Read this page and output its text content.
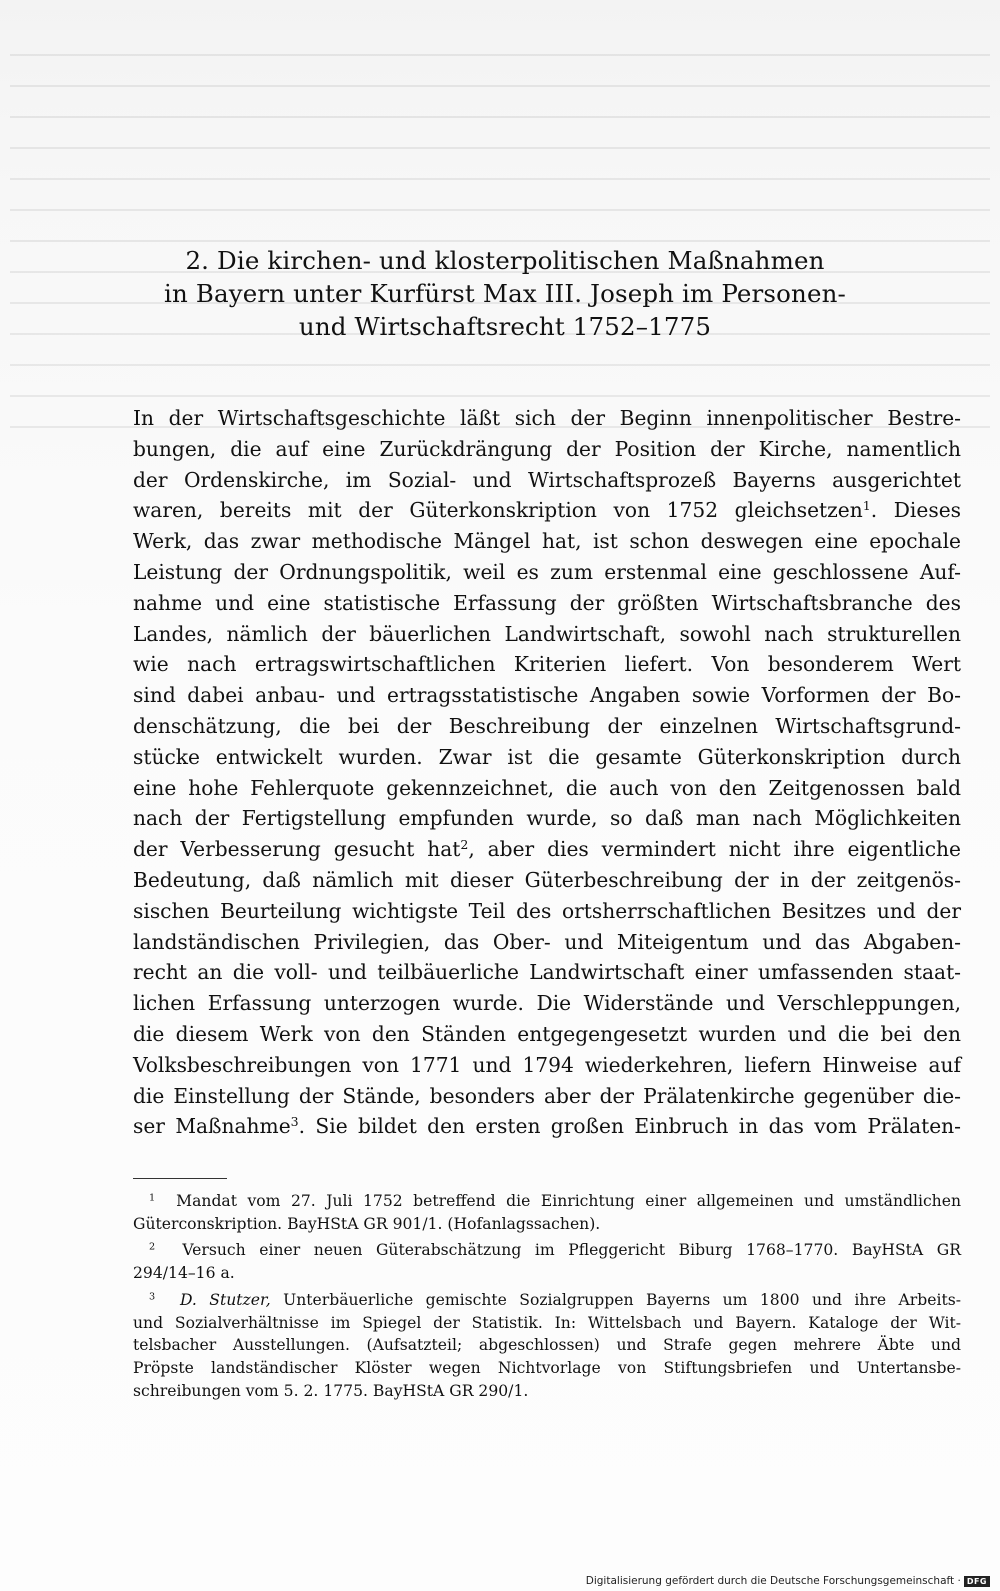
2. Die kirchen- und klosterpolitischen Maßnahmen
in Bayern unter Kurfürst Max III. Joseph im Personen-
und Wirtschaftsrecht 1752–1775
In der Wirtschaftsgeschichte läßt sich der Beginn innenpolitischer Bestre-
bungen, die auf eine Zurückdrängung der Position der Kirche, namentlich
der Ordenskirche, im Sozial- und Wirtschaftsprozeß Bayerns ausgerichtet
waren, bereits mit der Güterkonskription von 1752 gleichsetzen$^1$. Dieses
Werk, das zwar methodische Mängel hat, ist schon deswegen eine epochale
Leistung der Ordnungspolitik, weil es zum erstenmal eine geschlossene Auf-
nahme und eine statistische Erfassung der größten Wirtschaftsbranche des
Landes, nämlich der bäuerlichen Landwirtschaft, sowohl nach strukturellen
wie nach ertragswirtschaftlichen Kriterien liefert. Von besonderem Wert
sind dabei anbau- und ertragsstatistische Angaben sowie Vorformen der Bo-
denschätzung, die bei der Beschreibung der einzelnen Wirtschaftsgrund-
stücke entwickelt wurden. Zwar ist die gesamte Güterkonskription durch
eine hohe Fehlerquote gekennzeichnet, die auch von den Zeitgenossen bald
nach der Fertigstellung empfunden wurde, so daß man nach Möglichkeiten
der Verbesserung gesucht hat$^2$, aber dies vermindert nicht ihre eigentliche
Bedeutung, daß nämlich mit dieser Güterbeschreibung der in der zeitgenös-
sischen Beurteilung wichtigste Teil des ortsherrschaftlichen Besitzes und der
landständischen Privilegien, das Ober- und Miteigentum und das Abgaben-
recht an die voll- und teilbäuerliche Landwirtschaft einer umfassenden staat-
lichen Erfassung unterzogen wurde. Die Widerstände und Verschleppungen,
die diesem Werk von den Ständen entgegengesetzt wurden und die bei den
Volksbeschreibungen von 1771 und 1794 wiederkehren, liefern Hinweise auf
die Einstellung der Stände, besonders aber der Prälatenkirche gegenüber die-
ser Maßnahme$^3$. Sie bildet den ersten großen Einbruch in das vom Prälaten-
$^1$ Mandat vom 27. Juli 1752 betreffend die Einrichtung einer allgemeinen und umständlichen
Güterconskription. BayHStA GR 901/1. (Hofanlagssachen).
$^2$ Versuch einer neuen Güterabschätzung im Pfleggericht Biburg 1768–1770. BayHStA GR
294/14–16 a.
$^3$ D. Stutzer, Unterbäuerliche gemischte Sozialgruppen Bayerns um 1800 und ihre Arbeits-
und Sozialverhältnisse im Spiegel der Statistik. In: Wittelsbach und Bayern. Kataloge der Wit-
telsbacher Ausstellungen. (Aufsatzteil; abgeschlossen) und Strafe gegen mehrere Äbte und
Pröpste landständischer Klöster wegen Nichtvorlage von Stiftungsbriefen und Untertansbe-
schreibungen vom 5. 2. 1775. BayHStA GR 290/1.
Digitalisierung gefördert durch die Deutsche Forschungsgemeinschaft · DFG
